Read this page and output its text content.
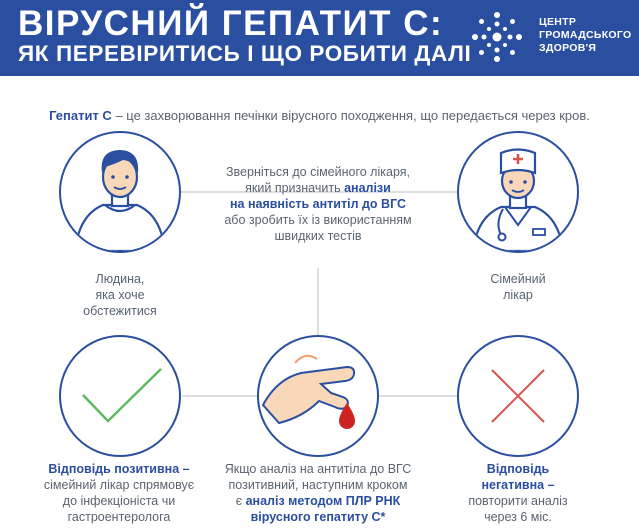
ВІРУСНИЙ ГЕПАТИТ С:
ЯК ПЕРЕВІРИТИСЬ І ЩО РОБИТИ ДАЛІ
ЦЕНТР
ГРОМАДСЬКОГО
ЗДОРОВ'Я
Гепатит С – це захворювання печінки вірусного походження, що передається через кров.
Людина,
яка хоче
обстежитися
Зверніться до сімейного лікаря,
який призначить аналізи
на наявність антитіл до ВГС
або зробить їх із використанням
швидких тестів
Сімейний
лікар
Відповідь позитивна –
сімейний лікар спрямовує
до інфекціоніста чи
гастроентеролога
Якщо аналіз на антитіла до ВГС
позитивний, наступним кроком
є аналіз методом ПЛР РНК
вірусного гепатиту С*
Відповідь
негативна –
повторити аналіз
через 6 міс.
